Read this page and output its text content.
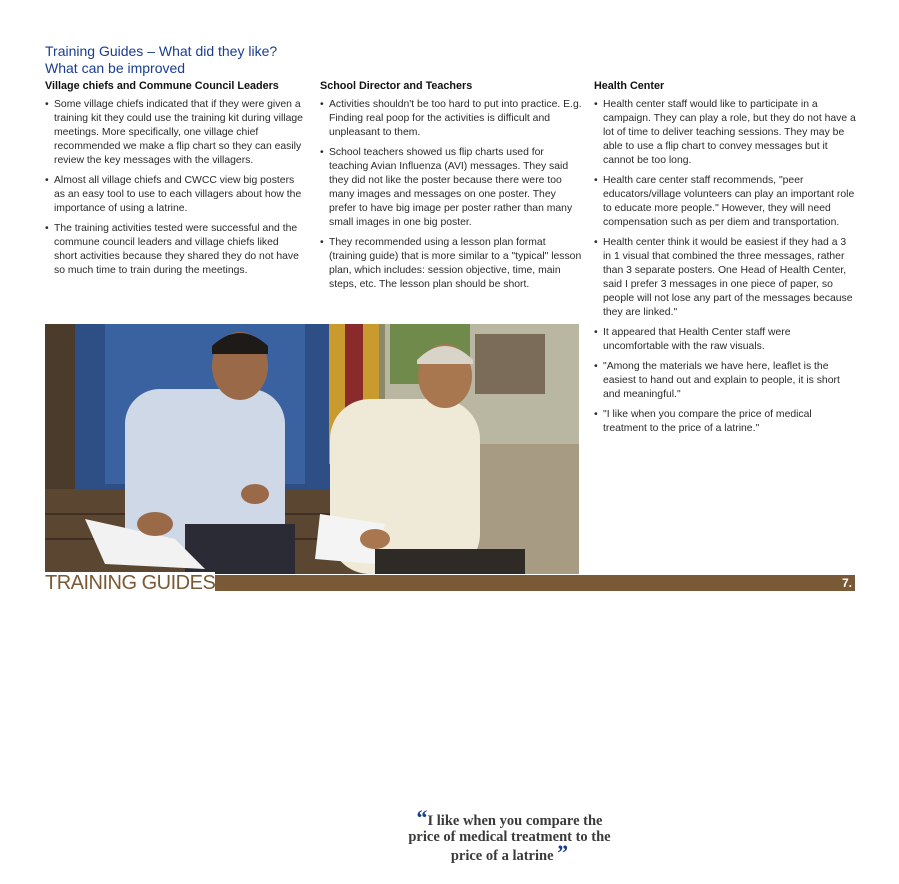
Training Guides – What did they like?
What can be improved
Village chiefs and Commune Council Leaders
• Some village chiefs indicated that if they were given a training kit they could use the training kit during village meetings. More specifically, one village chief recommended we make a flip chart so they can easily review the key messages with the villagers.
• Almost all village chiefs and CWCC view big posters as an easy tool to use to each villagers about how the importance of using a latrine.
• The training activities tested were successful and the commune council leaders and village chiefs liked short activities because they shared they do not have so much time to train during the meetings.
School Director and Teachers
• Activities shouldn't be too hard to put into practice. E.g. Finding real poop for the activities is difficult and unpleasant to them.
• School teachers showed us flip charts used for teaching Avian Influenza (AVI) messages. They said they did not like the poster because there were too many images and messages on one poster. They prefer to have big image per poster rather than many small images in one big poster.
• They recommended using a lesson plan format (training guide) that is more similar to a "typical" lesson plan, which includes: session objective, time, main steps, etc. The lesson plan should be short.
Health Center
• Health center staff would like to participate in a campaign. They can play a role, but they do not have a lot of time to deliver teaching sessions. They may be able to use a flip chart to convey messages but it cannot be too long.
• Health care center staff recommends, "peer educators/village volunteers can play an important role to educate more people." However, they will need compensation such as per diem and transportation.
• Health center think it would be easiest if they had a 3 in 1 visual that combined the three messages, rather than 3 separate posters. One Head of Health Center, said I prefer 3 messages in one piece of paper, so people will not lose any part of the messages because they are linked."
• It appeared that Health Center staff were uncomfortable with the raw visuals.
• "Among the materials we have here, leaflet is the easiest to hand out and explain to people, it is short and meaningful."
• "I like when you compare the price of medical treatment to the price of a latrine."
“I like when you compare the price of medical treatment to the price of a latrine ”
TRAINING GUIDES	7.
